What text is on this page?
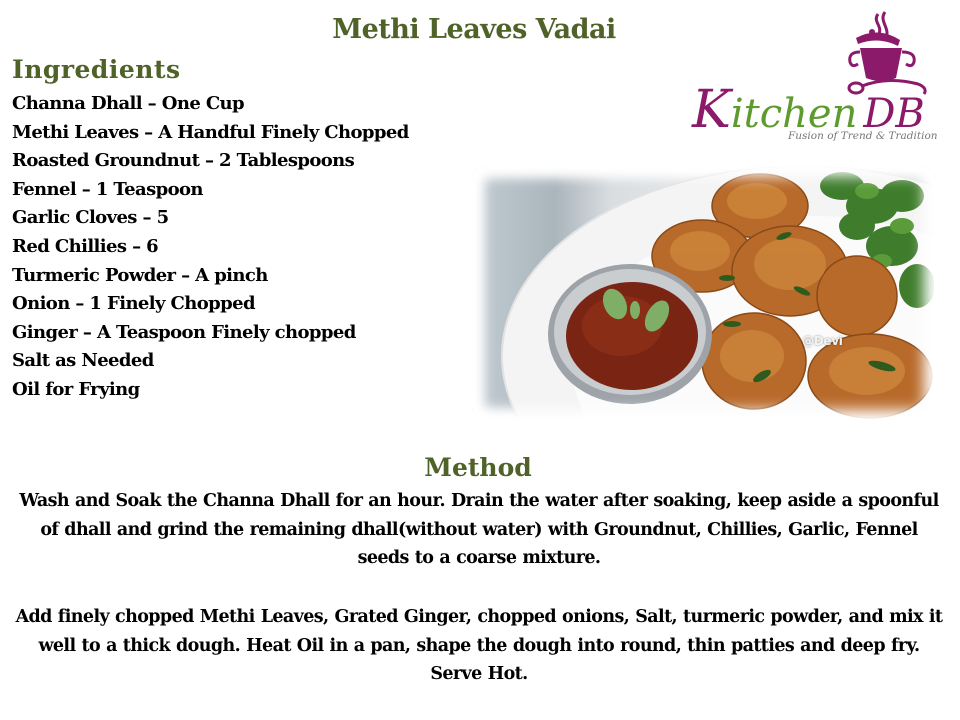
Methi Leaves Vadai
Ingredients
Channa Dhall – One Cup
Methi Leaves – A Handful Finely Chopped
Roasted Groundnut – 2 Tablespoons
Fennel – 1 Teaspoon
Garlic Cloves – 5
Red Chillies – 6
Turmeric Powder – A pinch
Onion – 1 Finely Chopped
Ginger – A Teaspoon Finely chopped
Salt as Needed
Oil for Frying
Kitchen DB
Fusion of Trend & Tradition
@Devi
Method

Wash and Soak the Channa Dhall for an hour. Drain the water after soaking, keep aside a spoonful of dhall and grind the remaining dhall(without water) with Groundnut, Chillies, Garlic, Fennel seeds to a coarse mixture.

Add finely chopped Methi Leaves, Grated Ginger, chopped onions, Salt, turmeric powder, and mix it well to a thick dough. Heat Oil in a pan, shape the dough into round, thin patties and deep fry. Serve Hot.
